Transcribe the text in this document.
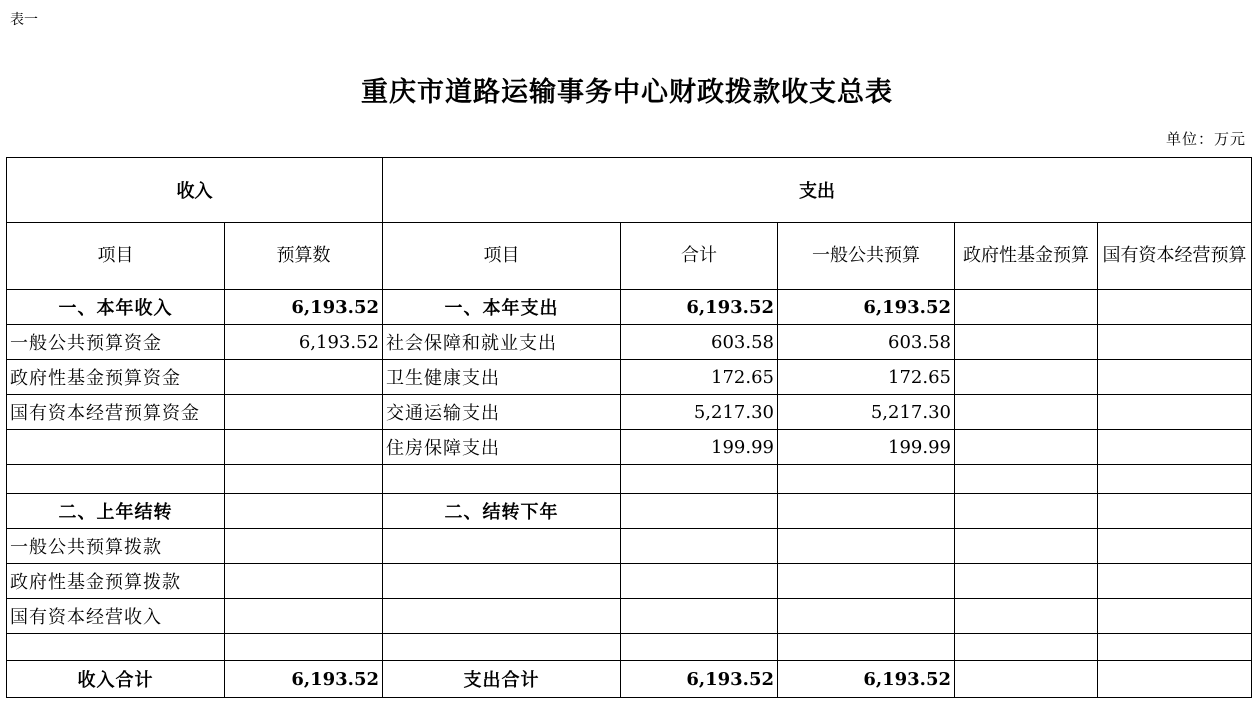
表一
重庆市道路运输事务中心财政拨款收支总表
单位：万元
收入		支出				
项目	预算数	项目	合计	一般公共预算	政府性基金预算	国有资本经营预算
一、本年收入	6,193.52	一、本年支出	6,193.52	6,193.52		
一般公共预算资金	6,193.52	社会保障和就业支出	603.58	603.58		
政府性基金预算资金		卫生健康支出	172.65	172.65		
国有资本经营预算资金		交通运输支出	5,217.30	5,217.30		
		住房保障支出	199.99	199.99		

二、上年结转		二、结转下年				
一般公共预算拨款						
政府性基金预算拨款						
国有资本经营收入						

收入合计	6,193.52	支出合计	6,193.52	6,193.52		
